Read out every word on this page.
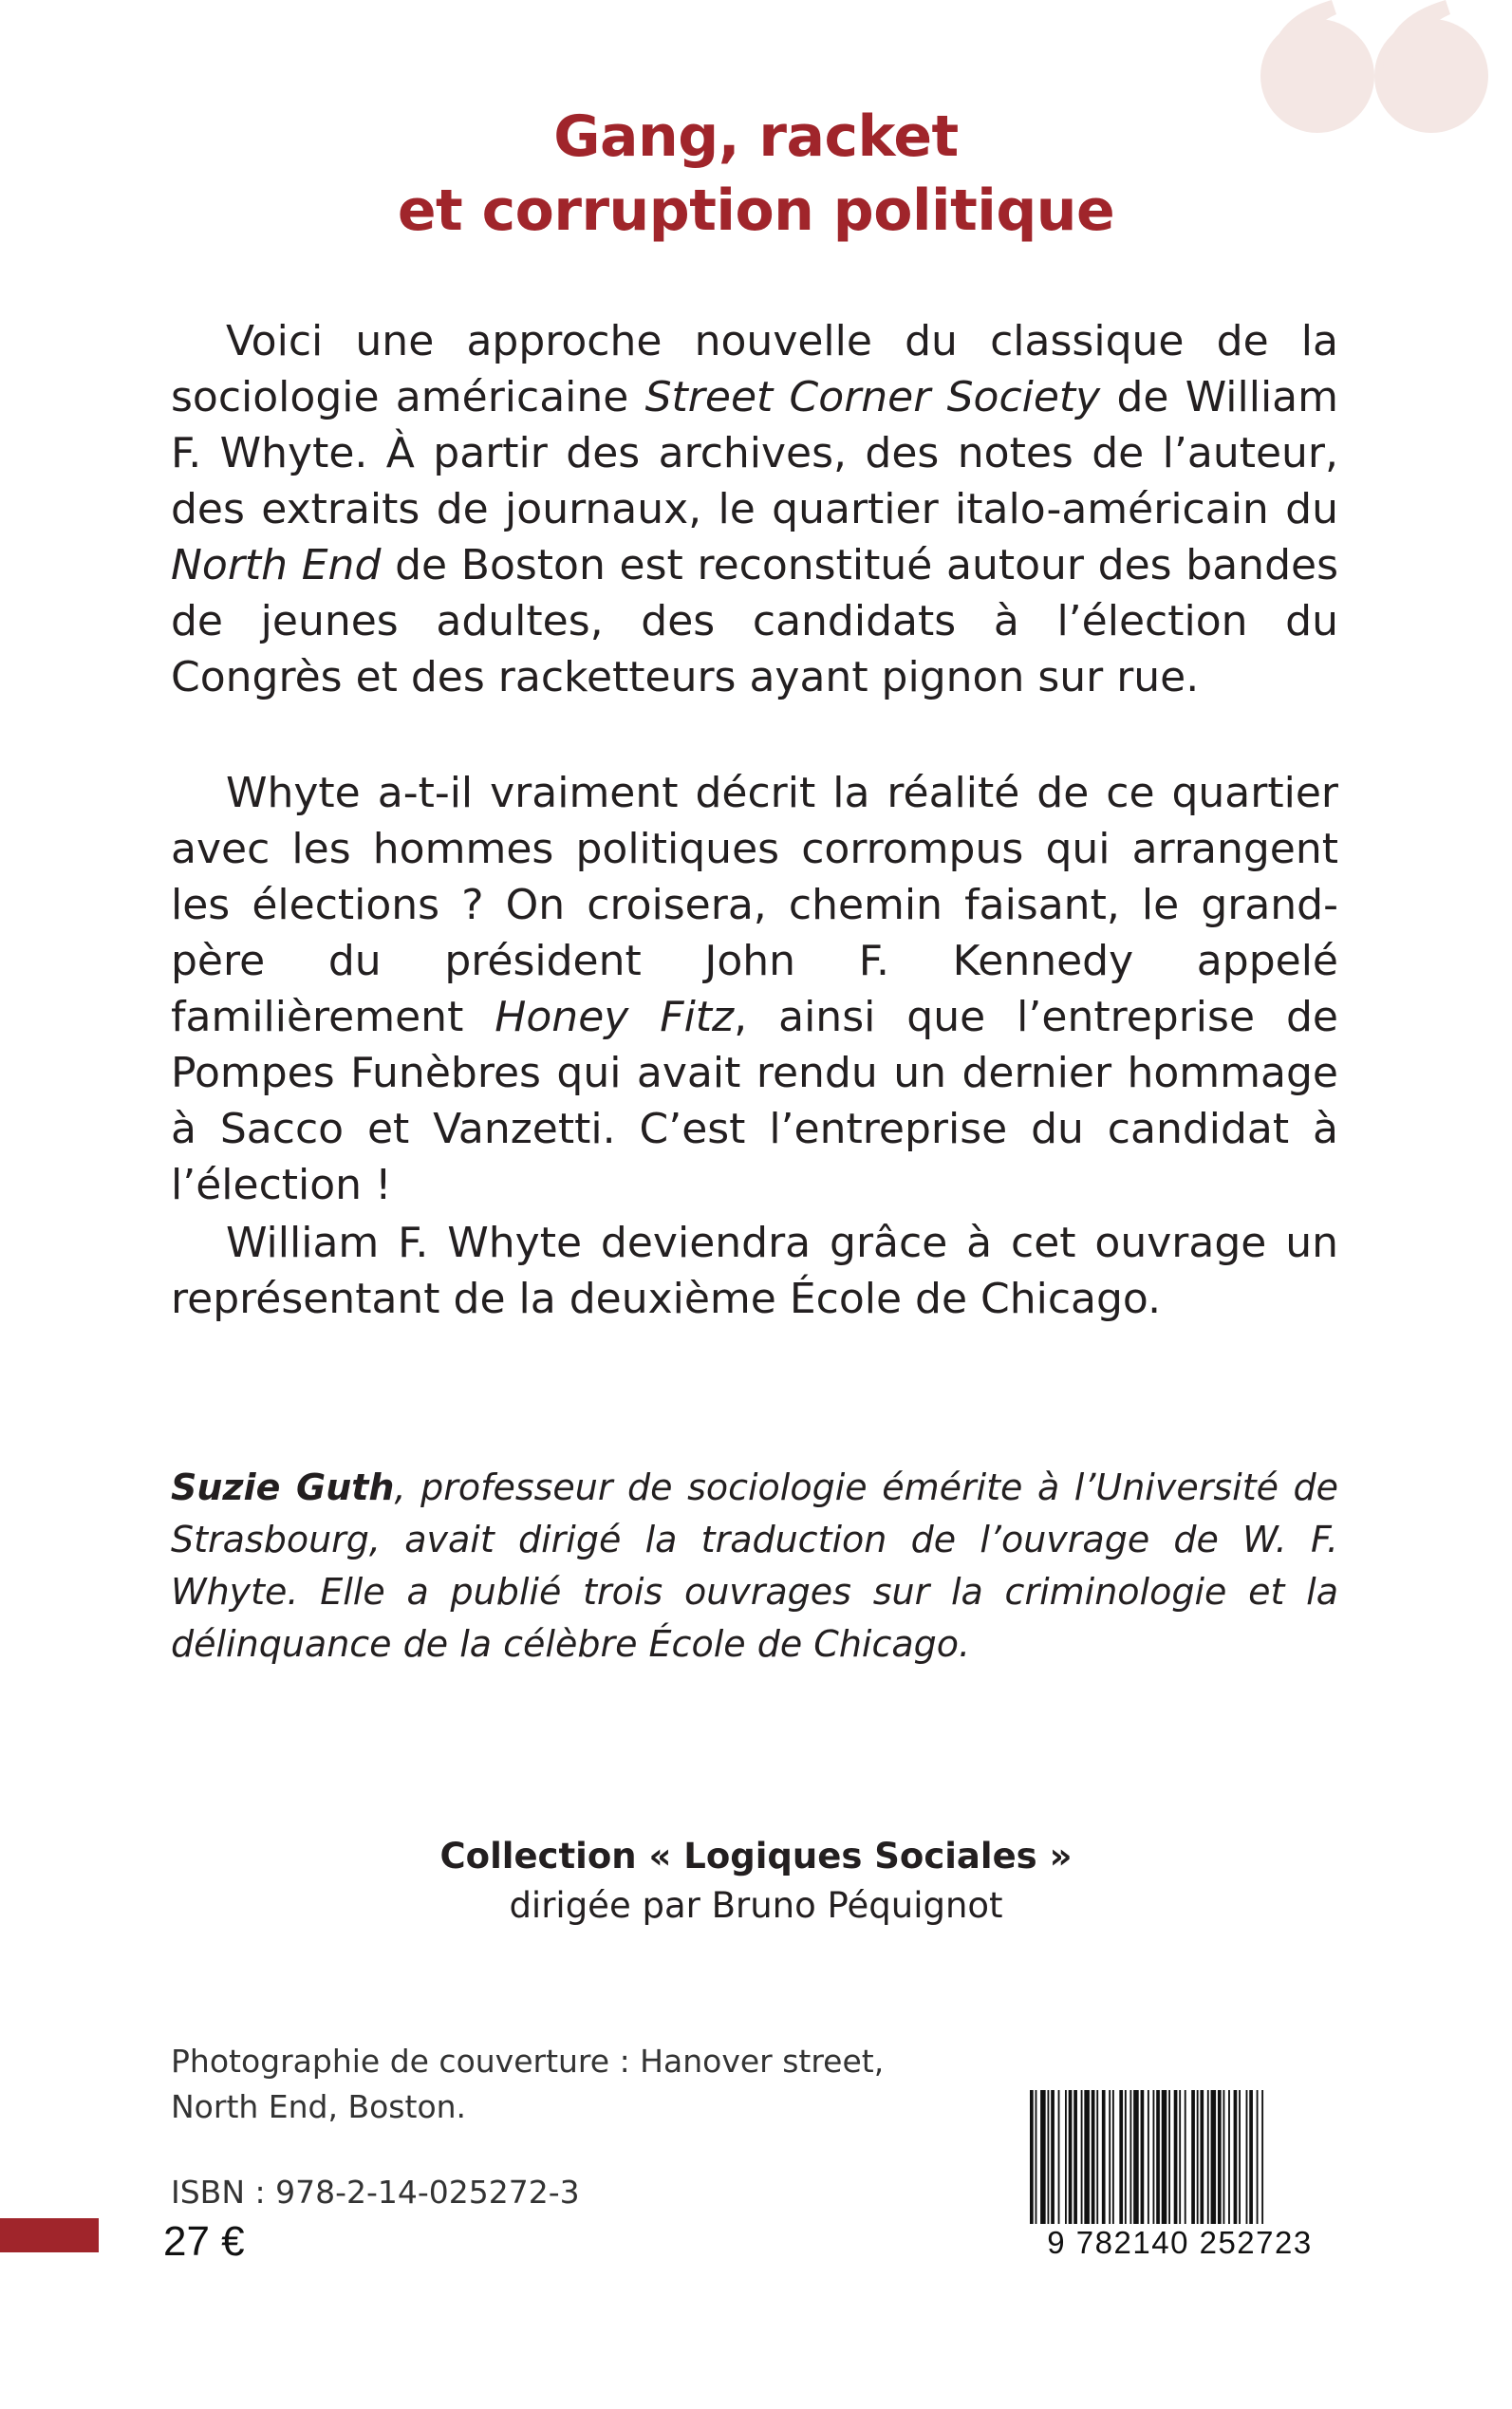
Gang, racket
et corruption politique

Voici une approche nouvelle du classique de la sociologie américaine Street Corner Society de William F. Whyte. À partir des archives, des notes de l’auteur, des extraits de journaux, le quartier italo-américain du North End de Boston est reconstitué autour des bandes de jeunes adultes, des candidats à l’élection du Congrès et des racketteurs ayant pignon sur rue.

Whyte a-t-il vraiment décrit la réalité de ce quartier avec les hommes politiques corrompus qui arrangent les élections ? On croisera, chemin faisant, le grand-père du président John F. Kennedy appelé familièrement Honey Fitz, ainsi que l’entreprise de Pompes Funèbres qui avait rendu un dernier hommage à Sacco et Vanzetti. C’est l’entreprise du candidat à l’élection !

William F. Whyte deviendra grâce à cet ouvrage un représentant de la deuxième École de Chicago.

Suzie Guth, professeur de sociologie émérite à l’Université de Strasbourg, avait dirigé la traduction de l’ouvrage de W. F. Whyte. Elle a publié trois ouvrages sur la criminologie et la délinquance de la célèbre École de Chicago.
Collection « Logiques Sociales »
dirigée par Bruno Péquignot
Photographie de couverture : Hanover street,
North End, Boston.
ISBN : 978-2-14-025272-3
27 €	9 782140 252723
